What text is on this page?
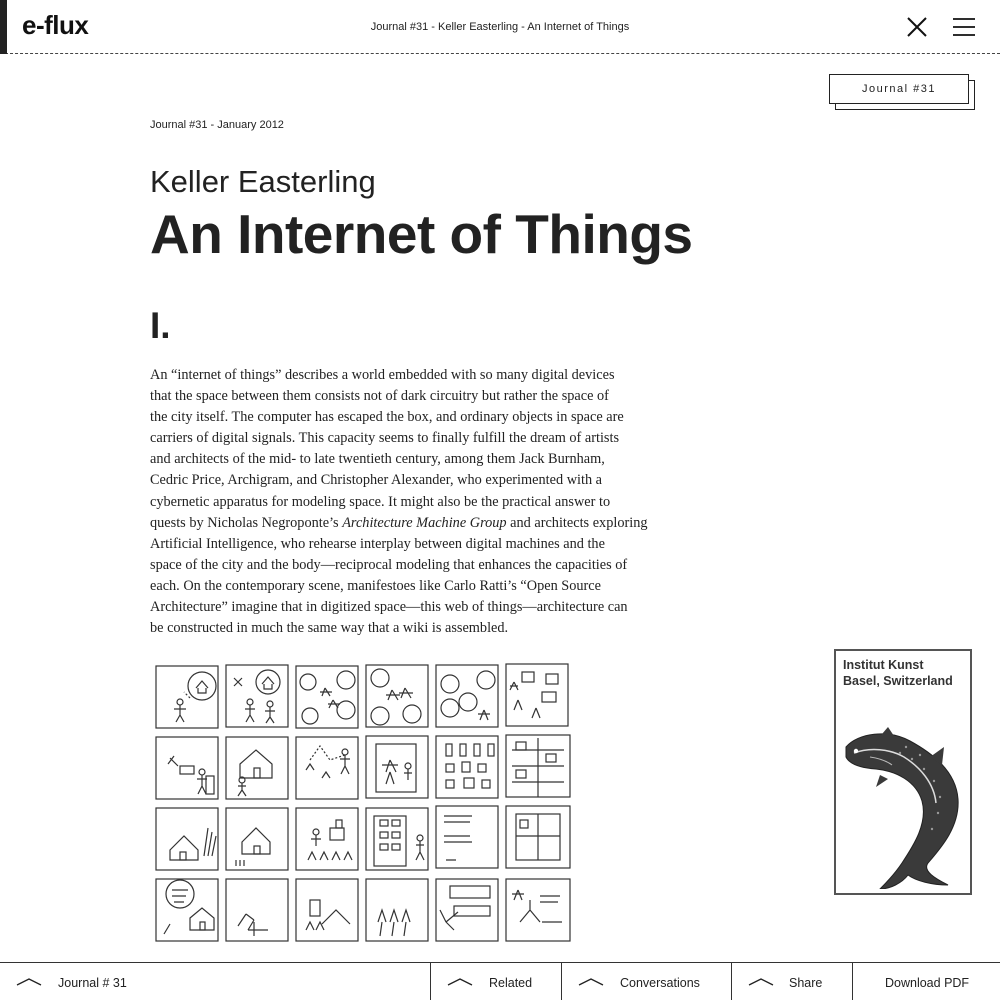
e-flux	Journal #31 - Keller Easterling - An Internet of Things
Journal #31
Journal #31 - January 2012
Keller Easterling
An Internet of Things
I.
An “internet of things” describes a world embedded with so many digital devices
that the space between them consists not of dark circuitry but rather the space of
the city itself. The computer has escaped the box, and ordinary objects in space are
carriers of digital signals. This capacity seems to finally fulfill the dream of artists
and architects of the mid- to late twentieth century, among them Jack Burnham,
Cedric Price, Archigram, and Christopher Alexander, who experimented with a
cybernetic apparatus for modeling space. It might also be the practical answer to
quests by Nicholas Negroponte’s Architecture Machine Group and architects exploring
Artificial Intelligence, who rehearse interplay between digital machines and the
space of the city and the body—reciprocal modeling that enhances the capacities of
each. On the contemporary scene, manifestoes like Carlo Ratti’s “Open Source
Architecture” imagine that in digitized space—this web of things—architecture can
be constructed in much the same way that a wiki is assembled.
Institut Kunst
Basel, Switzerland
Journal # 31	Related	Conversations	Share	Download PDF
